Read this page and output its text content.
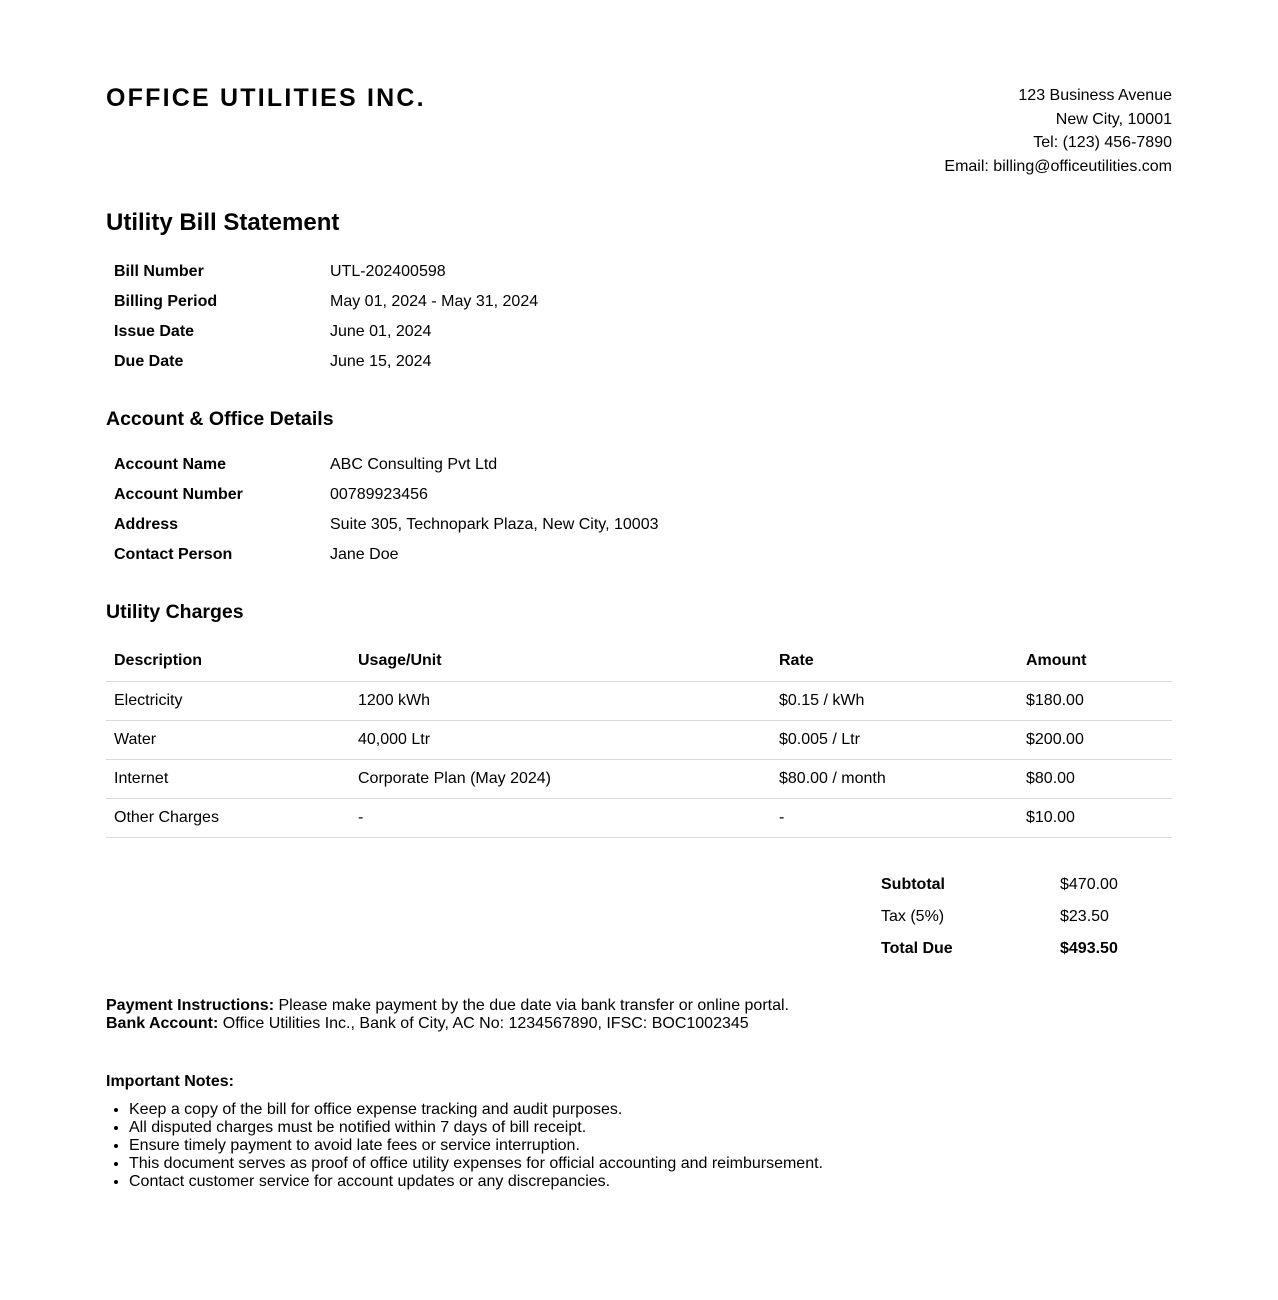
OFFICE UTILITIES INC.	123 Business Avenue
New City, 10001
Tel: (123) 456-7890
Email: billing@officeutilities.com
Utility Bill Statement
Bill Number	UTL-202400598
Billing Period	May 01, 2024 - May 31, 2024
Issue Date	June 01, 2024
Due Date	June 15, 2024
Account & Office Details
Account Name	ABC Consulting Pvt Ltd
Account Number	00789923456
Address	Suite 305, Technopark Plaza, New City, 10003
Contact Person	Jane Doe
Utility Charges
Description	Usage/Unit	Rate	Amount
Electricity	1200 kWh	$0.15 / kWh	$180.00
Water	40,000 Ltr	$0.005 / Ltr	$200.00
Internet	Corporate Plan (May 2024)	$80.00 / month	$80.00
Other Charges	-	-	$10.00
Subtotal	$470.00
Tax (5%)	$23.50
Total Due	$493.50
Payment Instructions: Please make payment by the due date via bank transfer or online portal.
Bank Account: Office Utilities Inc., Bank of City, AC No: 1234567890, IFSC: BOC1002345
Important Notes:
• Keep a copy of the bill for office expense tracking and audit purposes.
• All disputed charges must be notified within 7 days of bill receipt.
• Ensure timely payment to avoid late fees or service interruption.
• This document serves as proof of office utility expenses for official accounting and reimbursement.
• Contact customer service for account updates or any discrepancies.
